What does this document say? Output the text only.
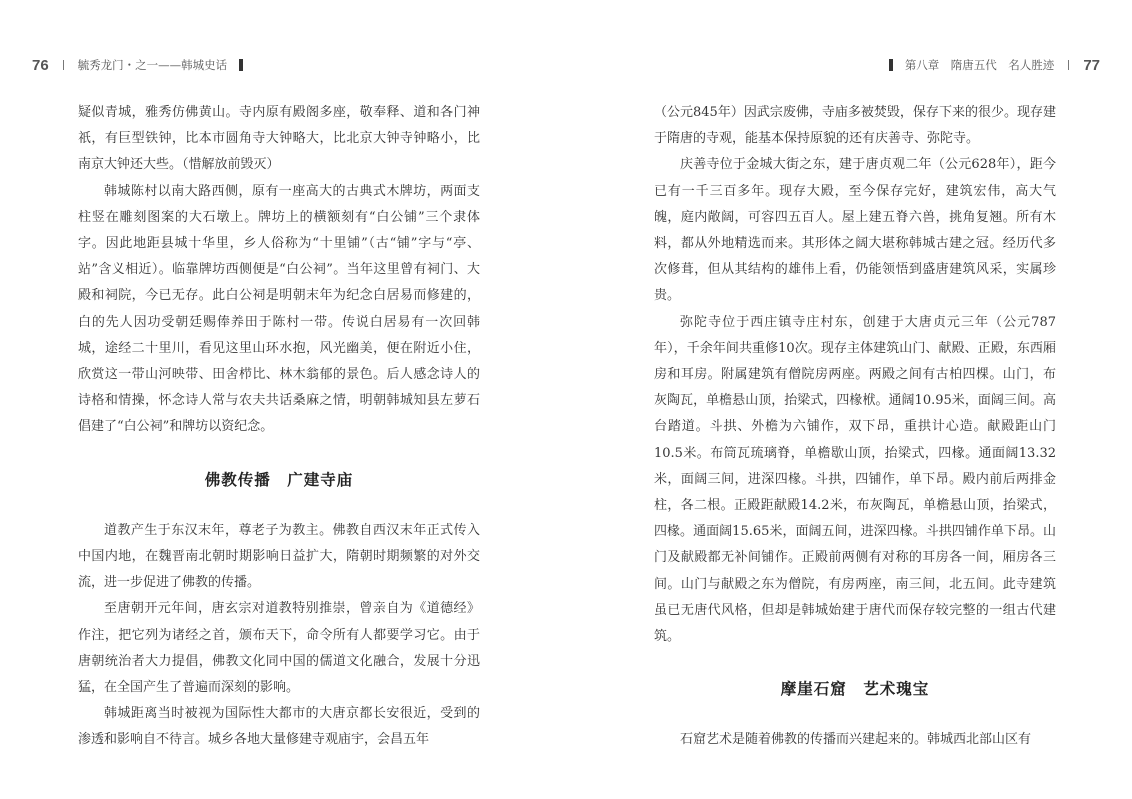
76	毓秀龙门・之一——韩城史话	第八章　隋唐五代　名人胜迹 77

疑似青城，雅秀仿佛黄山。寺内原有殿阁多座，敬奉释、道和各门神祇，有巨型铁钟，比本市圆角寺大钟略大，比北京大钟寺钟略小，比南京大钟还大些。（惜解放前毁灭）

韩城陈村以南大路西侧，原有一座高大的古典式木牌坊，两面支柱竖在雕刻图案的大石墩上。牌坊上的横额刻有“白公铺”三个隶体字。因此地距县城十华里，乡人俗称为“十里铺”（古“铺”字与“亭、站”含义相近）。临靠牌坊西侧便是“白公祠”。当年这里曾有祠门、大殿和祠院，今已无存。此白公祠是明朝末年为纪念白居易而修建的，白的先人因功受朝廷赐俸养田于陈村一带。传说白居易有一次回韩城，途经二十里川，看见这里山环水抱，风光幽美，便在附近小住，欣赏这一带山河映带、田舍栉比、林木翁郁的景色。后人感念诗人的诗格和情操，怀念诗人常与农夫共话桑麻之情，明朝韩城知县左萝石倡建了“白公祠”和牌坊以资纪念。

佛教传播　广建寺庙

道教产生于东汉末年，尊老子为教主。佛教自西汉末年正式传入中国内地，在魏晋南北朝时期影响日益扩大，隋朝时期频繁的对外交流，进一步促进了佛教的传播。

至唐朝开元年间，唐玄宗对道教特别推崇，曾亲自为《道德经》作注，把它列为诸经之首，颁布天下，命令所有人都要学习它。由于唐朝统治者大力提倡，佛教文化同中国的儒道文化融合，发展十分迅猛，在全国产生了普遍而深刻的影响。

韩城距离当时被视为国际性大都市的大唐京都长安很近，受到的渗透和影响自不待言。城乡各地大量修建寺观庙宇，会昌五年

（公元845年）因武宗废佛，寺庙多被焚毁，保存下来的很少。现存建于隋唐的寺观，能基本保持原貌的还有庆善寺、弥陀寺。

庆善寺位于金城大街之东，建于唐贞观二年（公元628年），距今已有一千三百多年。现存大殿，至今保存完好，建筑宏伟，高大气魄，庭内敞阔，可容四五百人。屋上建五脊六兽，挑角复翘。所有木料，都从外地精选而来。其形体之阔大堪称韩城古建之冠。经历代多次修葺，但从其结构的雄伟上看，仍能领悟到盛唐建筑风采，实属珍贵。

弥陀寺位于西庄镇寺庄村东，创建于大唐贞元三年（公元787年），千余年间共重修10次。现存主体建筑山门、献殿、正殿，东西厢房和耳房。附属建筑有僧院房两座。两殿之间有古柏四棵。山门，布灰陶瓦，单檐悬山顶，抬梁式，四椽栿。通阔10.95米，面阔三间。高台踏道。斗拱、外檐为六铺作，双下昂，重拱计心造。献殿距山门10.5米。布筒瓦琉璃脊，单檐歇山顶，抬梁式，四椽。通面阔13.32米，面阔三间，进深四椽。斗拱，四铺作，单下昂。殿内前后两排金柱，各二根。正殿距献殿14.2米，布灰陶瓦，单檐悬山顶，抬梁式，四椽。通面阔15.65米，面阔五间，进深四椽。斗拱四铺作单下昂。山门及献殿都无补间铺作。正殿前两侧有对称的耳房各一间，厢房各三间。山门与献殿之东为僧院，有房两座，南三间，北五间。此寺建筑虽已无唐代风格，但却是韩城始建于唐代而保存较完整的一组古代建筑。

摩崖石窟　艺术瑰宝

石窟艺术是随着佛教的传播而兴建起来的。韩城西北部山区有
